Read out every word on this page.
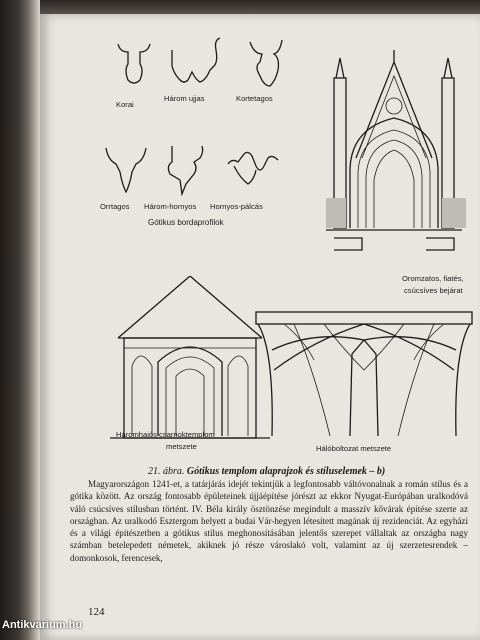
Korai
Három ujjas	Kortetagos
Orrtagos Három-hornyos Hornyos-pálcás
Gótikus bordaprofilok
Oromzatos, fiatés,
csúcsíves bejárat
Háromhajós csarnoktemplom
metszete	Hálóboltozat metszete
21. ábra. Gótikus templom alaprajzok és stíluselemek – b)

Magyarországon 1241-et, a tatárjárás idejét tekintjük a legfontosabb váltóvonalnak a román stílus és a gótika között. Az ország fontosabb épületeinek újjáépítése jórészt az ekkor Nyugat-Európában uralkodóvá váló csúcsíves stílusban történt. IV. Béla király ösztönzése megindult a masszív kővárak építése szerte az országban. Az uralkodó Esztergom helyett a budai Vár-hegyen létesített magának új rezidenciát. Az egyházi és a világi építészetben a gótikus stílus meghonosításában jelentős szerepet vállaltak az országba nagy számban betelepedett németek, akiknek jó része városlakó volt, valamint az új szerzetesrendek – domonkosok, ferencesek,

124
Antikvarium.hu
